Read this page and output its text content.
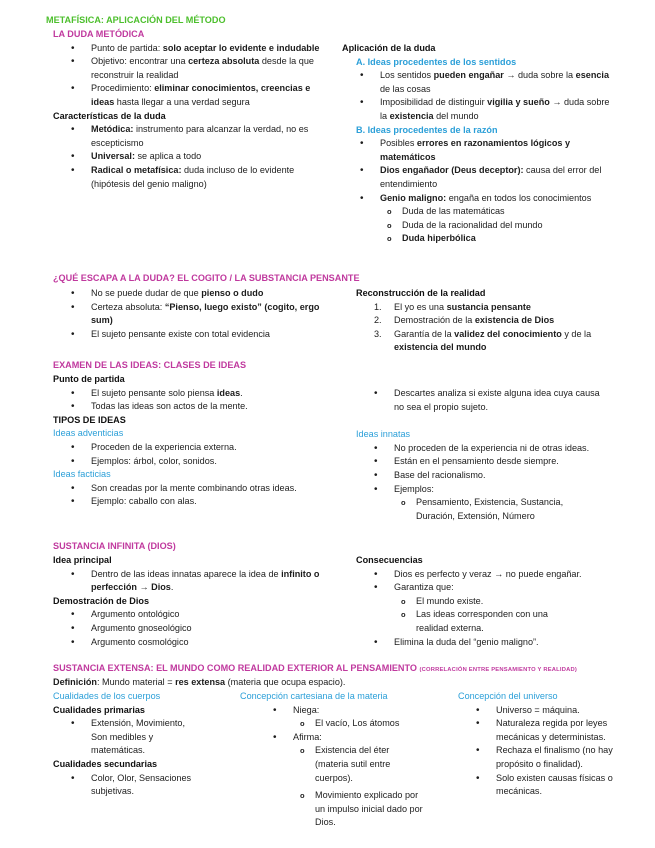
METAFÍSICA: APLICACIÓN DEL MÉTODO
LA DUDA METÓDICA
• Punto de partida: solo aceptar lo evidente e indudable
• Objetivo: encontrar una certeza absoluta desde la que reconstruir la realidad
• Procedimiento: eliminar conocimientos, creencias e ideas hasta llegar a una verdad segura
Características de la duda
• Metódica: instrumento para alcanzar la verdad, no es escepticismo
• Universal: se aplica a todo
• Radical o metafísica: duda incluso de lo evidente (hipótesis del genio maligno)
Aplicación de la duda
A. Ideas procedentes de los sentidos
• Los sentidos pueden engañar → duda sobre la esencia de las cosas
• Imposibilidad de distinguir vigilia y sueño → duda sobre la existencia del mundo
B. Ideas procedentes de la razón
• Posibles errores en razonamientos lógicos y matemáticos
• Dios engañador (Deus deceptor): causa del error del entendimiento
• Genio maligno: engaña en todos los conocimientos
o Duda de las matemáticas
o Duda de la racionalidad del mundo
o Duda hiperbólica
¿QUÉ ESCAPA A LA DUDA? EL COGITO / LA SUBSTANCIA PENSANTE
• No se puede dudar de que pienso o dudo
• Certeza absoluta: “Pienso, luego existo” (cogito, ergo sum)
• El sujeto pensante existe con total evidencia
Reconstrucción de la realidad
1. El yo es una sustancia pensante
2. Demostración de la existencia de Dios
3. Garantía de la validez del conocimiento y de la existencia del mundo
EXAMEN DE LAS IDEAS: CLASES DE IDEAS
Punto de partida
• El sujeto pensante solo piensa ideas.
• Todas las ideas son actos de la mente.
TIPOS DE IDEAS
Ideas adventicias
• Proceden de la experiencia externa.
• Ejemplos: árbol, color, sonidos.
Ideas facticias
• Son creadas por la mente combinando otras ideas.
• Ejemplo: caballo con alas.
• Descartes analiza si existe alguna idea cuya causa no sea el propio sujeto.
Ideas innatas
• No proceden de la experiencia ni de otras ideas.
• Están en el pensamiento desde siempre.
• Base del racionalismo.
• Ejemplos:
o Pensamiento, Existencia, Sustancia, Duración, Extensión, Número
SUSTANCIA INFINITA (DIOS)
Idea principal
• Dentro de las ideas innatas aparece la idea de infinito o perfección → Dios.
Demostración de Dios
• Argumento ontológico
• Argumento gnoseológico
• Argumento cosmológico
Consecuencias
• Dios es perfecto y veraz → no puede engañar.
• Garantiza que:
o El mundo existe.
o Las ideas corresponden con una realidad externa.
• Elimina la duda del “genio maligno”.
SUSTANCIA EXTENSA: EL MUNDO COMO REALIDAD EXTERIOR AL PENSAMIENTO (CORRELACIÓN ENTRE PENSAMIENTO Y REALIDAD)
Definición: Mundo material = res extensa (materia que ocupa espacio).
Cualidades de los cuerpos
Cualidades primarias
• Extensión, Movimiento, Son medibles y matemáticas.
Cualidades secundarias
• Color, Olor, Sensaciones subjetivas.
Concepción cartesiana de la materia
• Niega:
o El vacío, Los átomos
• Afirma:
o Existencia del éter (materia sutil entre cuerpos).
o Movimiento explicado por un impulso inicial dado por Dios.
Concepción del universo
• Universo = máquina.
• Naturaleza regida por leyes mecánicas y deterministas.
• Rechaza el finalismo (no hay propósito o finalidad).
• Solo existen causas físicas o mecánicas.
